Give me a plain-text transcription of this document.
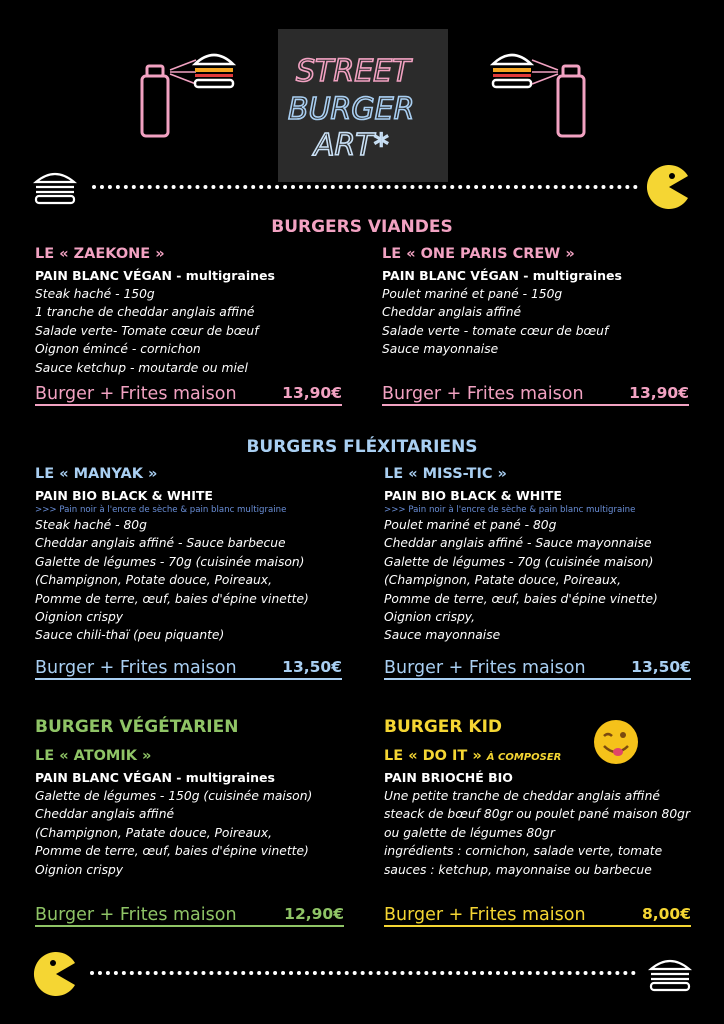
STREET
BURGER
ART*
BURGERS VIANDES
LE « ZAEKONE »
PAIN BLANC VÉGAN - multigraines
Steak haché - 150g
1 tranche de cheddar anglais affiné
Salade verte- Tomate cœur de bœuf
Oignon émincé - cornichon
Sauce ketchup - moutarde ou miel
Burger + Frites maison	13,90€
LE « ONE PARIS CREW »
PAIN BLANC VÉGAN - multigraines
Poulet mariné et pané - 150g
Cheddar anglais affiné
Salade verte - tomate cœur de bœuf
Sauce mayonnaise
Burger + Frites maison	13,90€
BURGERS FLÉXITARIENS
LE « MANYAK »
PAIN BIO BLACK & WHITE
>>> Pain noir à l'encre de sèche & pain blanc multigraine
Steak haché - 80g
Cheddar anglais affiné - Sauce barbecue
Galette de légumes - 70g (cuisinée maison)
(Champignon, Potate douce, Poireaux,
Pomme de terre, œuf, baies d'épine vinette)
Oignion crispy
Sauce chili-thaï (peu piquante)
Burger + Frites maison	13,50€
LE « MISS-TIC »
PAIN BIO BLACK & WHITE
>>> Pain noir à l'encre de sèche & pain blanc multigraine
Poulet mariné et pané - 80g
Cheddar anglais affiné - Sauce mayonnaise
Galette de légumes - 70g (cuisinée maison)
(Champignon, Patate douce, Poireaux,
Pomme de terre, œuf, baies d'épine vinette)
Oignion crispy,
Sauce mayonnaise
Burger + Frites maison	13,50€
BURGER VÉGÉTARIEN
LE « ATOMIK »
PAIN BLANC VÉGAN - multigraines
Galette de légumes - 150g (cuisinée maison)
Cheddar anglais affiné
(Champignon, Patate douce, Poireaux,
Pomme de terre, œuf, baies d'épine vinette)
Oignion crispy
Burger + Frites maison	12,90€
BURGER KID
LE « DO IT » À COMPOSER
PAIN BRIOCHÉ BIO
Une petite tranche de cheddar anglais affiné
steack de bœuf 80gr ou poulet pané maison 80gr
ou galette de légumes 80gr
ingrédients : cornichon, salade verte, tomate
sauces : ketchup, mayonnaise ou barbecue
Burger + Frites maison	8,00€
